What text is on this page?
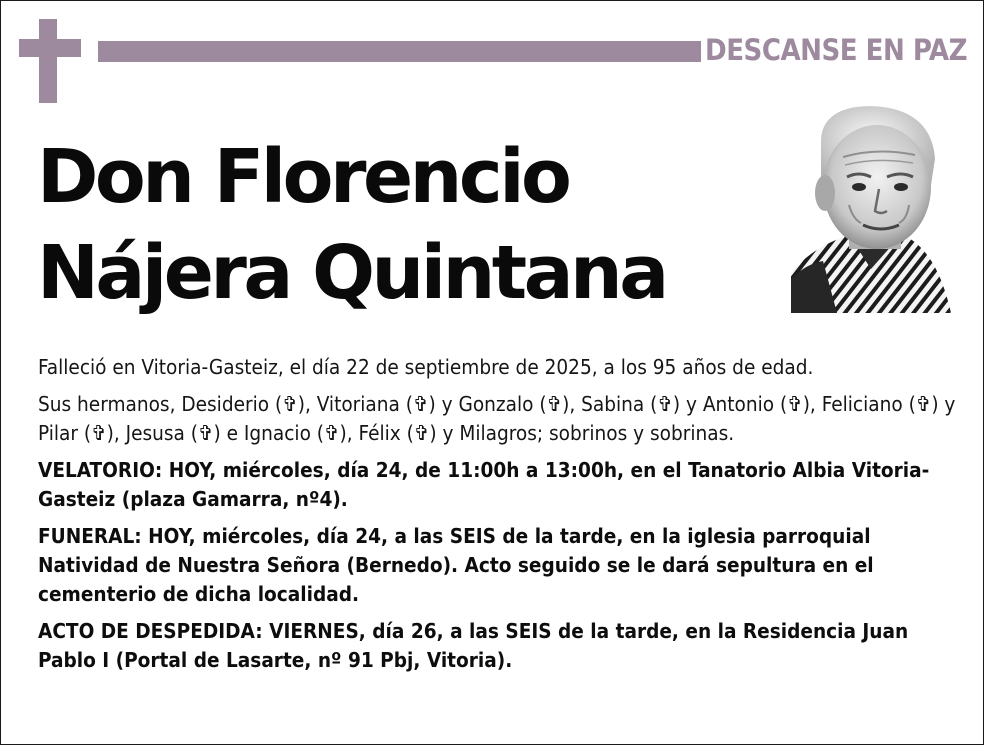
DESCANSE EN PAZ
Don Florencio
Nájera Quintana

Falleció en Vitoria-Gasteiz, el día 22 de septiembre de 2025, a los 95 años de edad.

Sus hermanos, Desiderio (✞), Vitoriana (✞) y Gonzalo (✞), Sabina (✞) y Antonio (✞), Feliciano (✞) y Pilar (✞), Jesusa (✞) e Ignacio (✞), Félix (✞) y Milagros; sobrinos y sobrinas.

VELATORIO: HOY, miércoles, día 24, de 11:00h a 13:00h, en el Tanatorio Albia Vitoria-Gasteiz (plaza Gamarra, nº4).

FUNERAL: HOY, miércoles, día 24, a las SEIS de la tarde, en la iglesia parroquial Natividad de Nuestra Señora (Bernedo). Acto seguido se le dará sepultura en el cementerio de dicha localidad.

ACTO DE DESPEDIDA: VIERNES, día 26, a las SEIS de la tarde, en la Residencia Juan Pablo I (Portal de Lasarte, nº 91 Pbj, Vitoria).
